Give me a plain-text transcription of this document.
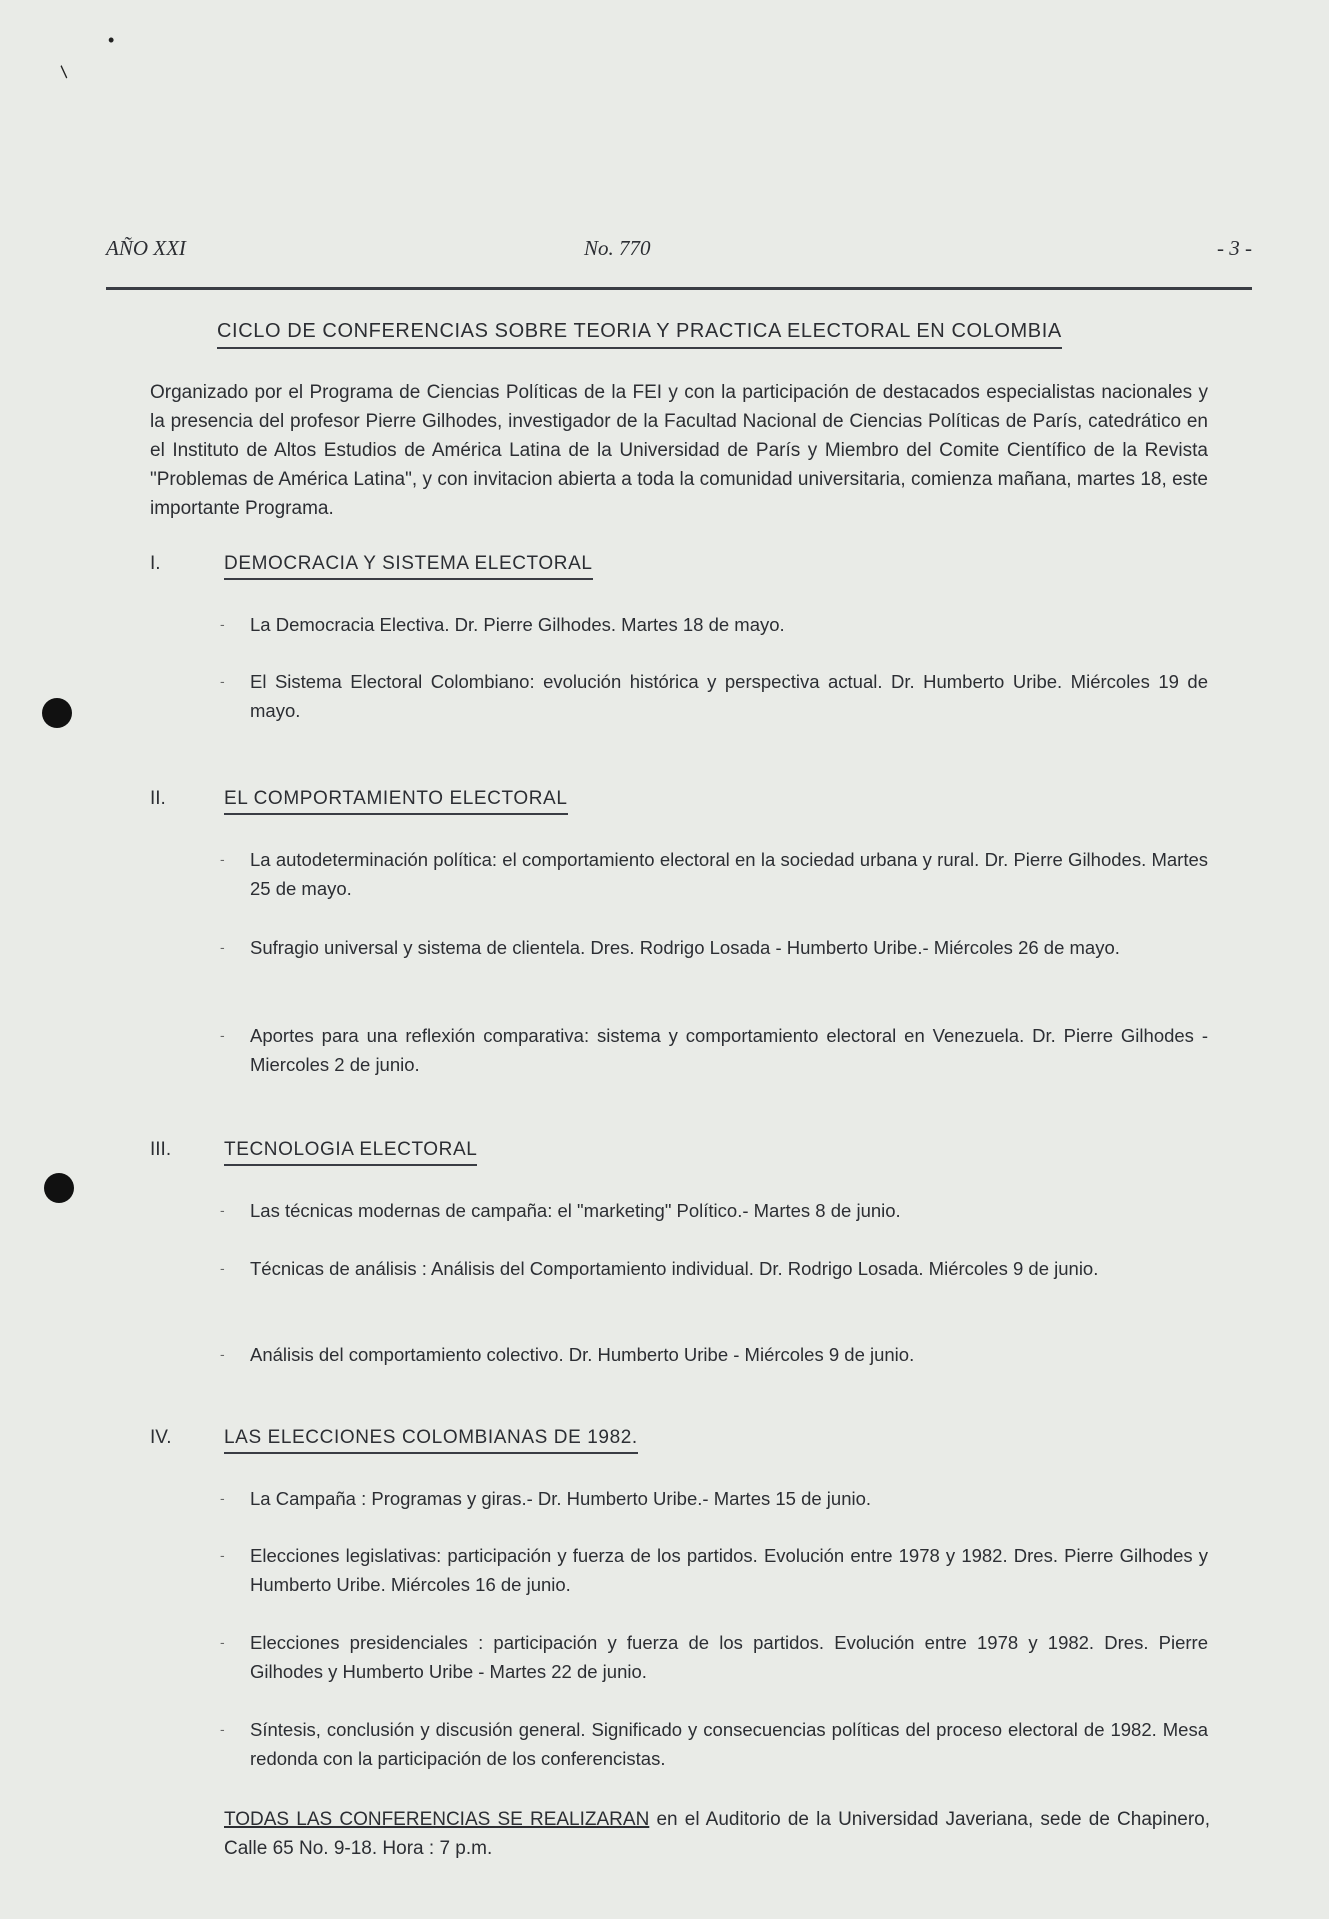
•
/
AÑO XXI	No. 770	- 3 -
CICLO DE CONFERENCIAS SOBRE TEORIA Y PRACTICA ELECTORAL EN COLOMBIA
Organizado por el Programa de Ciencias Políticas de la FEI y con la participación de destacados especialistas nacionales y la presencia del profesor Pierre Gilhodes, investigador de la Facultad Nacional de Ciencias Políticas de París, catedrático en el Instituto de Altos Estudios de América Latina de la Universidad de París y Miembro del Comite Científico de la Revista "Problemas de América Latina", y con invitacion abierta a toda la comunidad universitaria, comienza mañana, martes 18, este importante Programa.
I.	DEMOCRACIA Y SISTEMA ELECTORAL
-	La Democracia Electiva. Dr. Pierre Gilhodes. Martes 18 de mayo.
-	El Sistema Electoral Colombiano: evolución histórica y perspectiva actual. Dr. Humberto Uribe. Miércoles 19 de mayo.
II.	EL COMPORTAMIENTO ELECTORAL
-	La autodeterminación política: el comportamiento electoral en la sociedad urbana y rural. Dr. Pierre Gilhodes. Martes 25 de mayo.
-	Sufragio universal y sistema de clientela. Dres. Rodrigo Losada - Humberto Uribe.- Miércoles 26 de mayo.
-	Aportes para una reflexión comparativa: sistema y comportamiento electoral en Venezuela. Dr. Pierre Gilhodes - Miercoles 2 de junio.
III.	TECNOLOGIA ELECTORAL
-	Las técnicas modernas de campaña: el "marketing" Político.- Martes 8 de junio.
-	Técnicas de análisis : Análisis del Comportamiento individual. Dr. Rodrigo Losada. Miércoles 9 de junio.
-	Análisis del comportamiento colectivo. Dr. Humberto Uribe - Miércoles 9 de junio.
IV.	LAS ELECCIONES COLOMBIANAS DE 1982.
-	La Campaña : Programas y giras.- Dr. Humberto Uribe.- Martes 15 de junio.
-	Elecciones legislativas: participación y fuerza de los partidos. Evolución entre 1978 y 1982. Dres. Pierre Gilhodes y Humberto Uribe. Miércoles 16 de junio.
-	Elecciones presidenciales : participación y fuerza de los partidos. Evolución entre 1978 y 1982. Dres. Pierre Gilhodes y Humberto Uribe - Martes 22 de junio.
-	Síntesis, conclusión y discusión general. Significado y consecuencias políticas del proceso electoral de 1982. Mesa redonda con la participación de los conferencistas.
TODAS LAS CONFERENCIAS SE REALIZARAN en el Auditorio de la Universidad Javeriana, sede de Chapinero, Calle 65 No. 9-18. Hora : 7 p.m.
